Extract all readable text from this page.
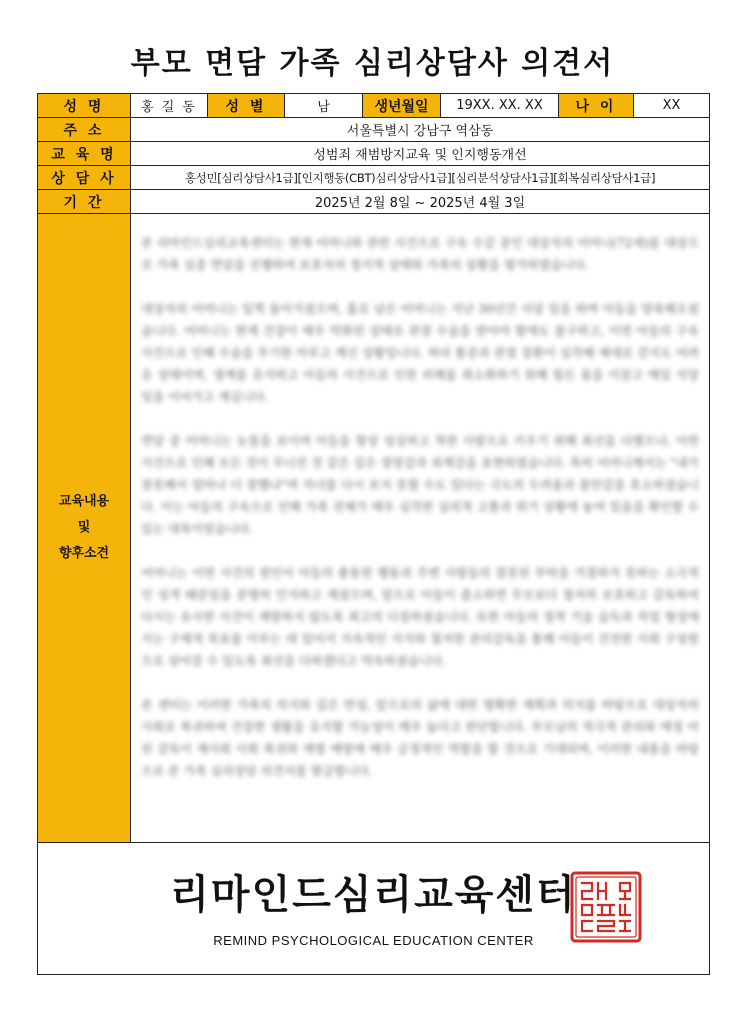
부모 면담 가족 심리상담사 의견서
성 명	홍 길 동	성 별	남	생년월일	19XX. XX. XX	나 이	XX
주 소	서울특별시 강남구 역삼동
교 육 명	성범죄 재범방지교육 및 인지행동개선
상 담 사	홍성민[심리상담사1급][인지행동(CBT)심리상담사1급][심리분석상담사1급][회복심리상담사1급]
기 간	2025년 2월 8일 ~ 2025년 4월 3일
교육내용
및
향후소견

본 리마인드심리교육센터는 현재 어머니와 관련 사건으로 구속 수감 중인 대상자의 어머니(72세)를 대상으로 가족 심층 면담을 진행하여 보호자의 정서적 상태와 가족의 상황을 평가하였습니다.

대상자의 어머니는 일찍 돌아가셨으며, 홀로 남은 어머니는 지난 30년간 식당 일을 하며 아들을 양육해오셨습니다. 어머니는 현재 건강이 매우 악화된 상태로 관절 수술을 받아야 함에도 불구하고, 이번 아들의 구속 사건으로 인해 수술을 무기한 미루고 계신 상황입니다. 허리 통증과 관절 질환이 심각해 제대로 걷지도 어려운 상태이며, 생계를 유지하고 아들의 사건으로 인한 피해를 최소화하기 위해 힘든 몸을 이끌고 매일 식당 일을 이어가고 계십니다.

면담 중 어머니는 눈물을 보이며 아들을 항상 성실하고 착한 사람으로 키우기 위해 최선을 다했으나, 이번 사건으로 인해 모든 것이 무너진 것 같은 깊은 절망감과 죄책감을 표현하였습니다. 특히 어머니께서는 "내가 잘못해서 엄마나 더 잘했냐"며 자녀를 다시 보지 못할 수도 있다는 극도의 두려움과 불안감을 호소하셨습니다. 이는 아들의 구속으로 인해 가족 전체가 매우 심각한 심리적 고통과 위기 상황에 놓여 있음을 확인할 수 있는 대목이었습니다.

어머니는 이번 사건의 원인이 아들의 충동한 행동과 주변 사람들의 잘못된 부탁을 거절하지 못하는 소극적인 성격 때문임을 분명히 인지하고 계셨으며, 앞으로 아들이 출소하면 무모보다 철저히 보호하고 감독하여 다시는 유사한 사건이 재발하지 않도록 최고의 다짐하셨습니다. 또한 아들의 정착 기술 습득과 직업 형성에서는 구체적 목표를 이루는 데 있어서 지속적인 지지와 철저한 관리감독을 통해 아들이 건전한 사회 구성원으로 살아갈 수 있도록 최선을 다하겠다고 약속하셨습니다.

본 센터는 이러한 가족의 의지와 깊은 반성, 앞으로의 삶에 대한 명확한 계획과 의지를 바탕으로 대상자의 사회로 복귀하여 건강한 생활을 유지할 가능성이 매우 높다고 판단합니다. 부모님의 적극적 관리와 애정 어린 감독이 재사회 사회 복귀와 재범 예방에 매우 긍정적인 역할을 할 것으로 기대되며, 이러한 내용을 바탕으로 본 가족 심리상담 의견서를 발급합니다.

리마인드심리교육센터
REMIND PSYCHOLOGICAL EDUCATION CENTER
